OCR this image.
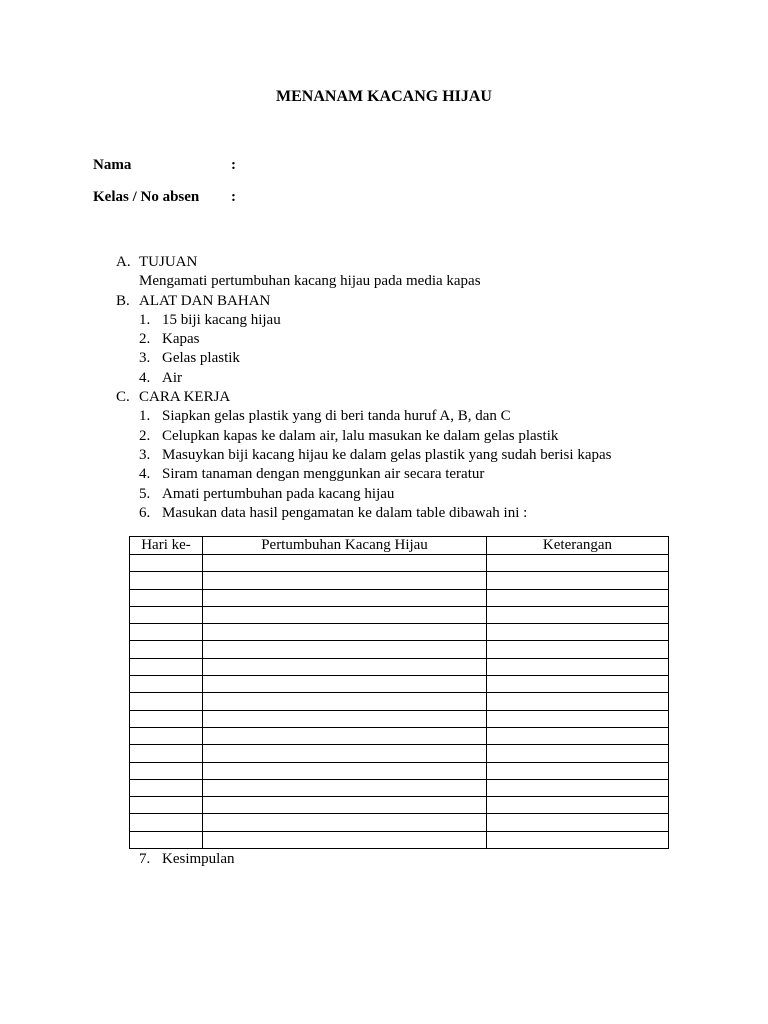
MENANAM KACANG HIJAU
Nama	:
Kelas / No absen :
A. TUJUAN
Mengamati pertumbuhan kacang hijau pada media kapas
B. ALAT DAN BAHAN
1. 15 biji kacang hijau
2. Kapas
3. Gelas plastik
4. Air
C. CARA KERJA
1. Siapkan gelas plastik yang di beri tanda huruf A, B, dan C
2. Celupkan kapas ke dalam air, lalu masukan ke dalam gelas plastik
3. Masuykan biji kacang hijau ke dalam gelas plastik yang sudah berisi kapas
4. Siram tanaman dengan menggunkan air secara teratur
5. Amati pertumbuhan pada kacang hijau
6. Masukan data hasil pengamatan ke dalam table dibawah ini :
Hari ke-	Pertumbuhan Kacang Hijau	Keterangan

7. Kesimpulan
